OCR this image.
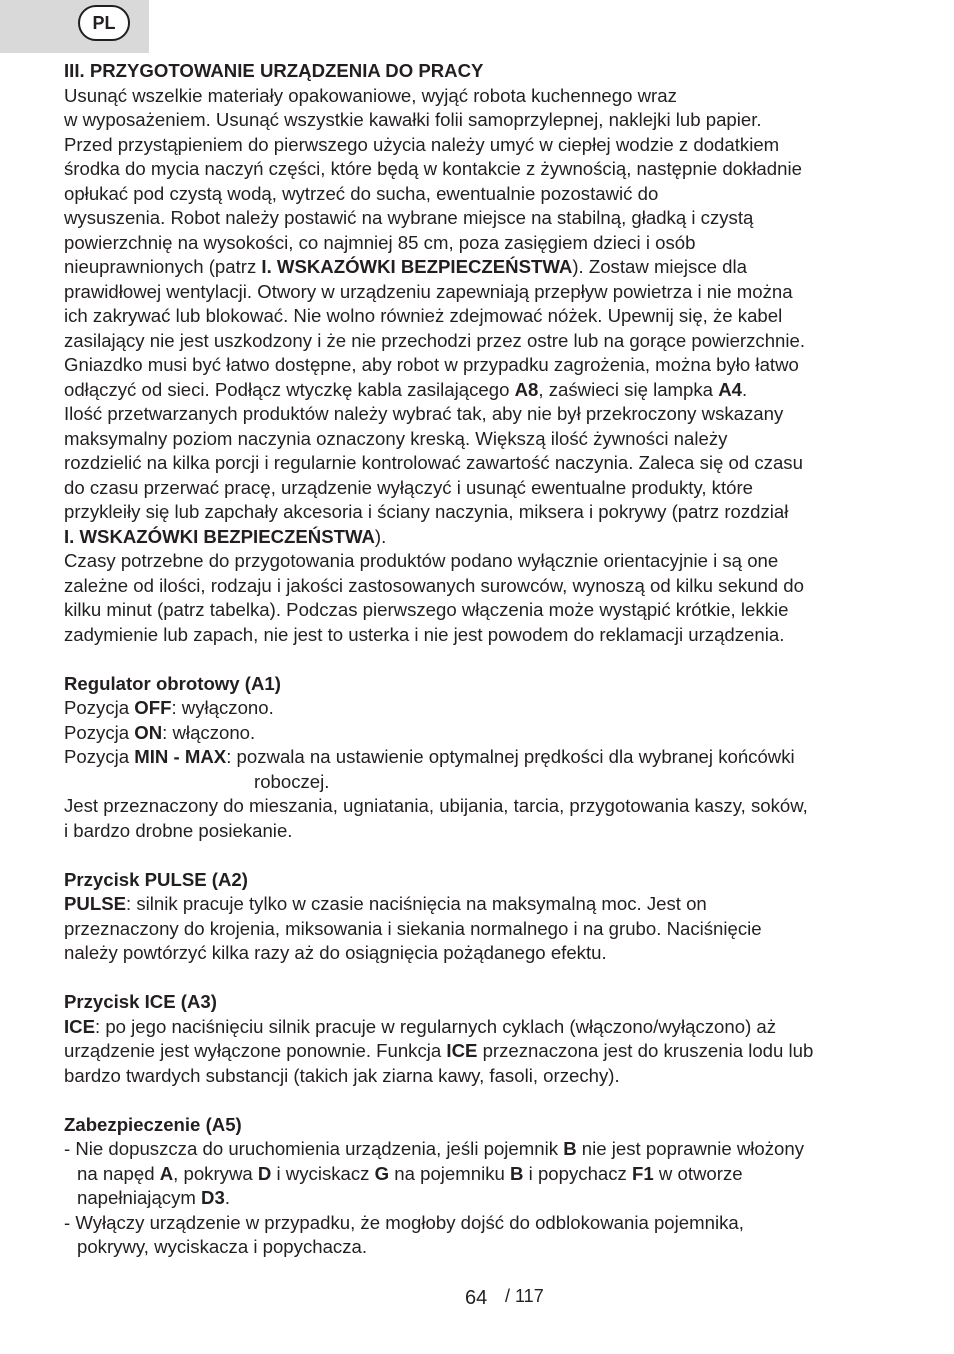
PL
III. PRZYGOTOWANIE URZĄDZENIA DO PRACY
Usunąć wszelkie materiały opakowaniowe, wyjąć robota kuchennego wraz
w wyposażeniem. Usunąć wszystkie kawałki folii samoprzylepnej, naklejki lub papier.
Przed przystąpieniem do pierwszego użycia należy umyć w ciepłej wodzie z dodatkiem
środka do mycia naczyń części, które będą w kontakcie z żywnością, następnie dokładnie
opłukać pod czystą wodą, wytrzeć do sucha, ewentualnie pozostawić do
wysuszenia. Robot należy postawić na wybrane miejsce na stabilną, gładką i czystą
powierzchnię na wysokości, co najmniej 85 cm, poza zasięgiem dzieci i osób
nieuprawnionych (patrz I. WSKAZÓWKI BEZPIECZEŃSTWA). Zostaw miejsce dla
prawidłowej wentylacji. Otwory w urządzeniu zapewniają przepływ powietrza i nie można
ich zakrywać lub blokować. Nie wolno również zdejmować nóżek. Upewnij się, że kabel
zasilający nie jest uszkodzony i że nie przechodzi przez ostre lub na gorące powierzchnie.
Gniazdko musi być łatwo dostępne, aby robot w przypadku zagrożenia, można było łatwo
odłączyć od sieci. Podłącz wtyczkę kabla zasilającego A8, zaświeci się lampka A4.
Ilość przetwarzanych produktów należy wybrać tak, aby nie był przekroczony wskazany
maksymalny poziom naczynia oznaczony kreską. Większą ilość żywności należy
rozdzielić na kilka porcji i regularnie kontrolować zawartość naczynia. Zaleca się od czasu
do czasu przerwać pracę, urządzenie wyłączyć i usunąć ewentualne produkty, które
przykleiły się lub zapchały akcesoria i ściany naczynia, miksera i pokrywy (patrz rozdział
I. WSKAZÓWKI BEZPIECZEŃSTWA).
Czasy potrzebne do przygotowania produktów podano wyłącznie orientacyjnie i są one
zależne od ilości, rodzaju i jakości zastosowanych surowców, wynoszą od kilku sekund do
kilku minut (patrz tabelka). Podczas pierwszego włączenia może wystąpić krótkie, lekkie
zadymienie lub zapach, nie jest to usterka i nie jest powodem do reklamacji urządzenia.
Regulator obrotowy (A1)
Pozycja OFF: wyłączono.
Pozycja ON: włączono.
Pozycja MIN - MAX: pozwala na ustawienie optymalnej prędkości dla wybranej końcówki
roboczej.
Jest przeznaczony do mieszania, ugniatania, ubijania, tarcia, przygotowania kaszy, soków,
i bardzo drobne posiekanie.
Przycisk PULSE (A2)
PULSE: silnik pracuje tylko w czasie naciśnięcia na maksymalną moc. Jest on
przeznaczony do krojenia, miksowania i siekania normalnego i na grubo. Naciśnięcie
należy powtórzyć kilka razy aż do osiągnięcia pożądanego efektu.
Przycisk ICE (A3)
ICE: po jego naciśnięciu silnik pracuje w regularnych cyklach (włączono/wyłączono) aż
urządzenie jest wyłączone ponownie. Funkcja ICE przeznaczona jest do kruszenia lodu lub
bardzo twardych substancji (takich jak ziarna kawy, fasoli, orzechy).
Zabezpieczenie (A5)
- Nie dopuszcza do uruchomienia urządzenia, jeśli pojemnik B nie jest poprawnie włożony
na napęd A, pokrywa D i wyciskacz G na pojemniku B i popychacz F1 w otworze
napełniającym D3.
- Wyłączy urządzenie w przypadku, że mogłoby dojść do odblokowania pojemnika,
pokrywy, wyciskacza i popychacza.
64 / 117
